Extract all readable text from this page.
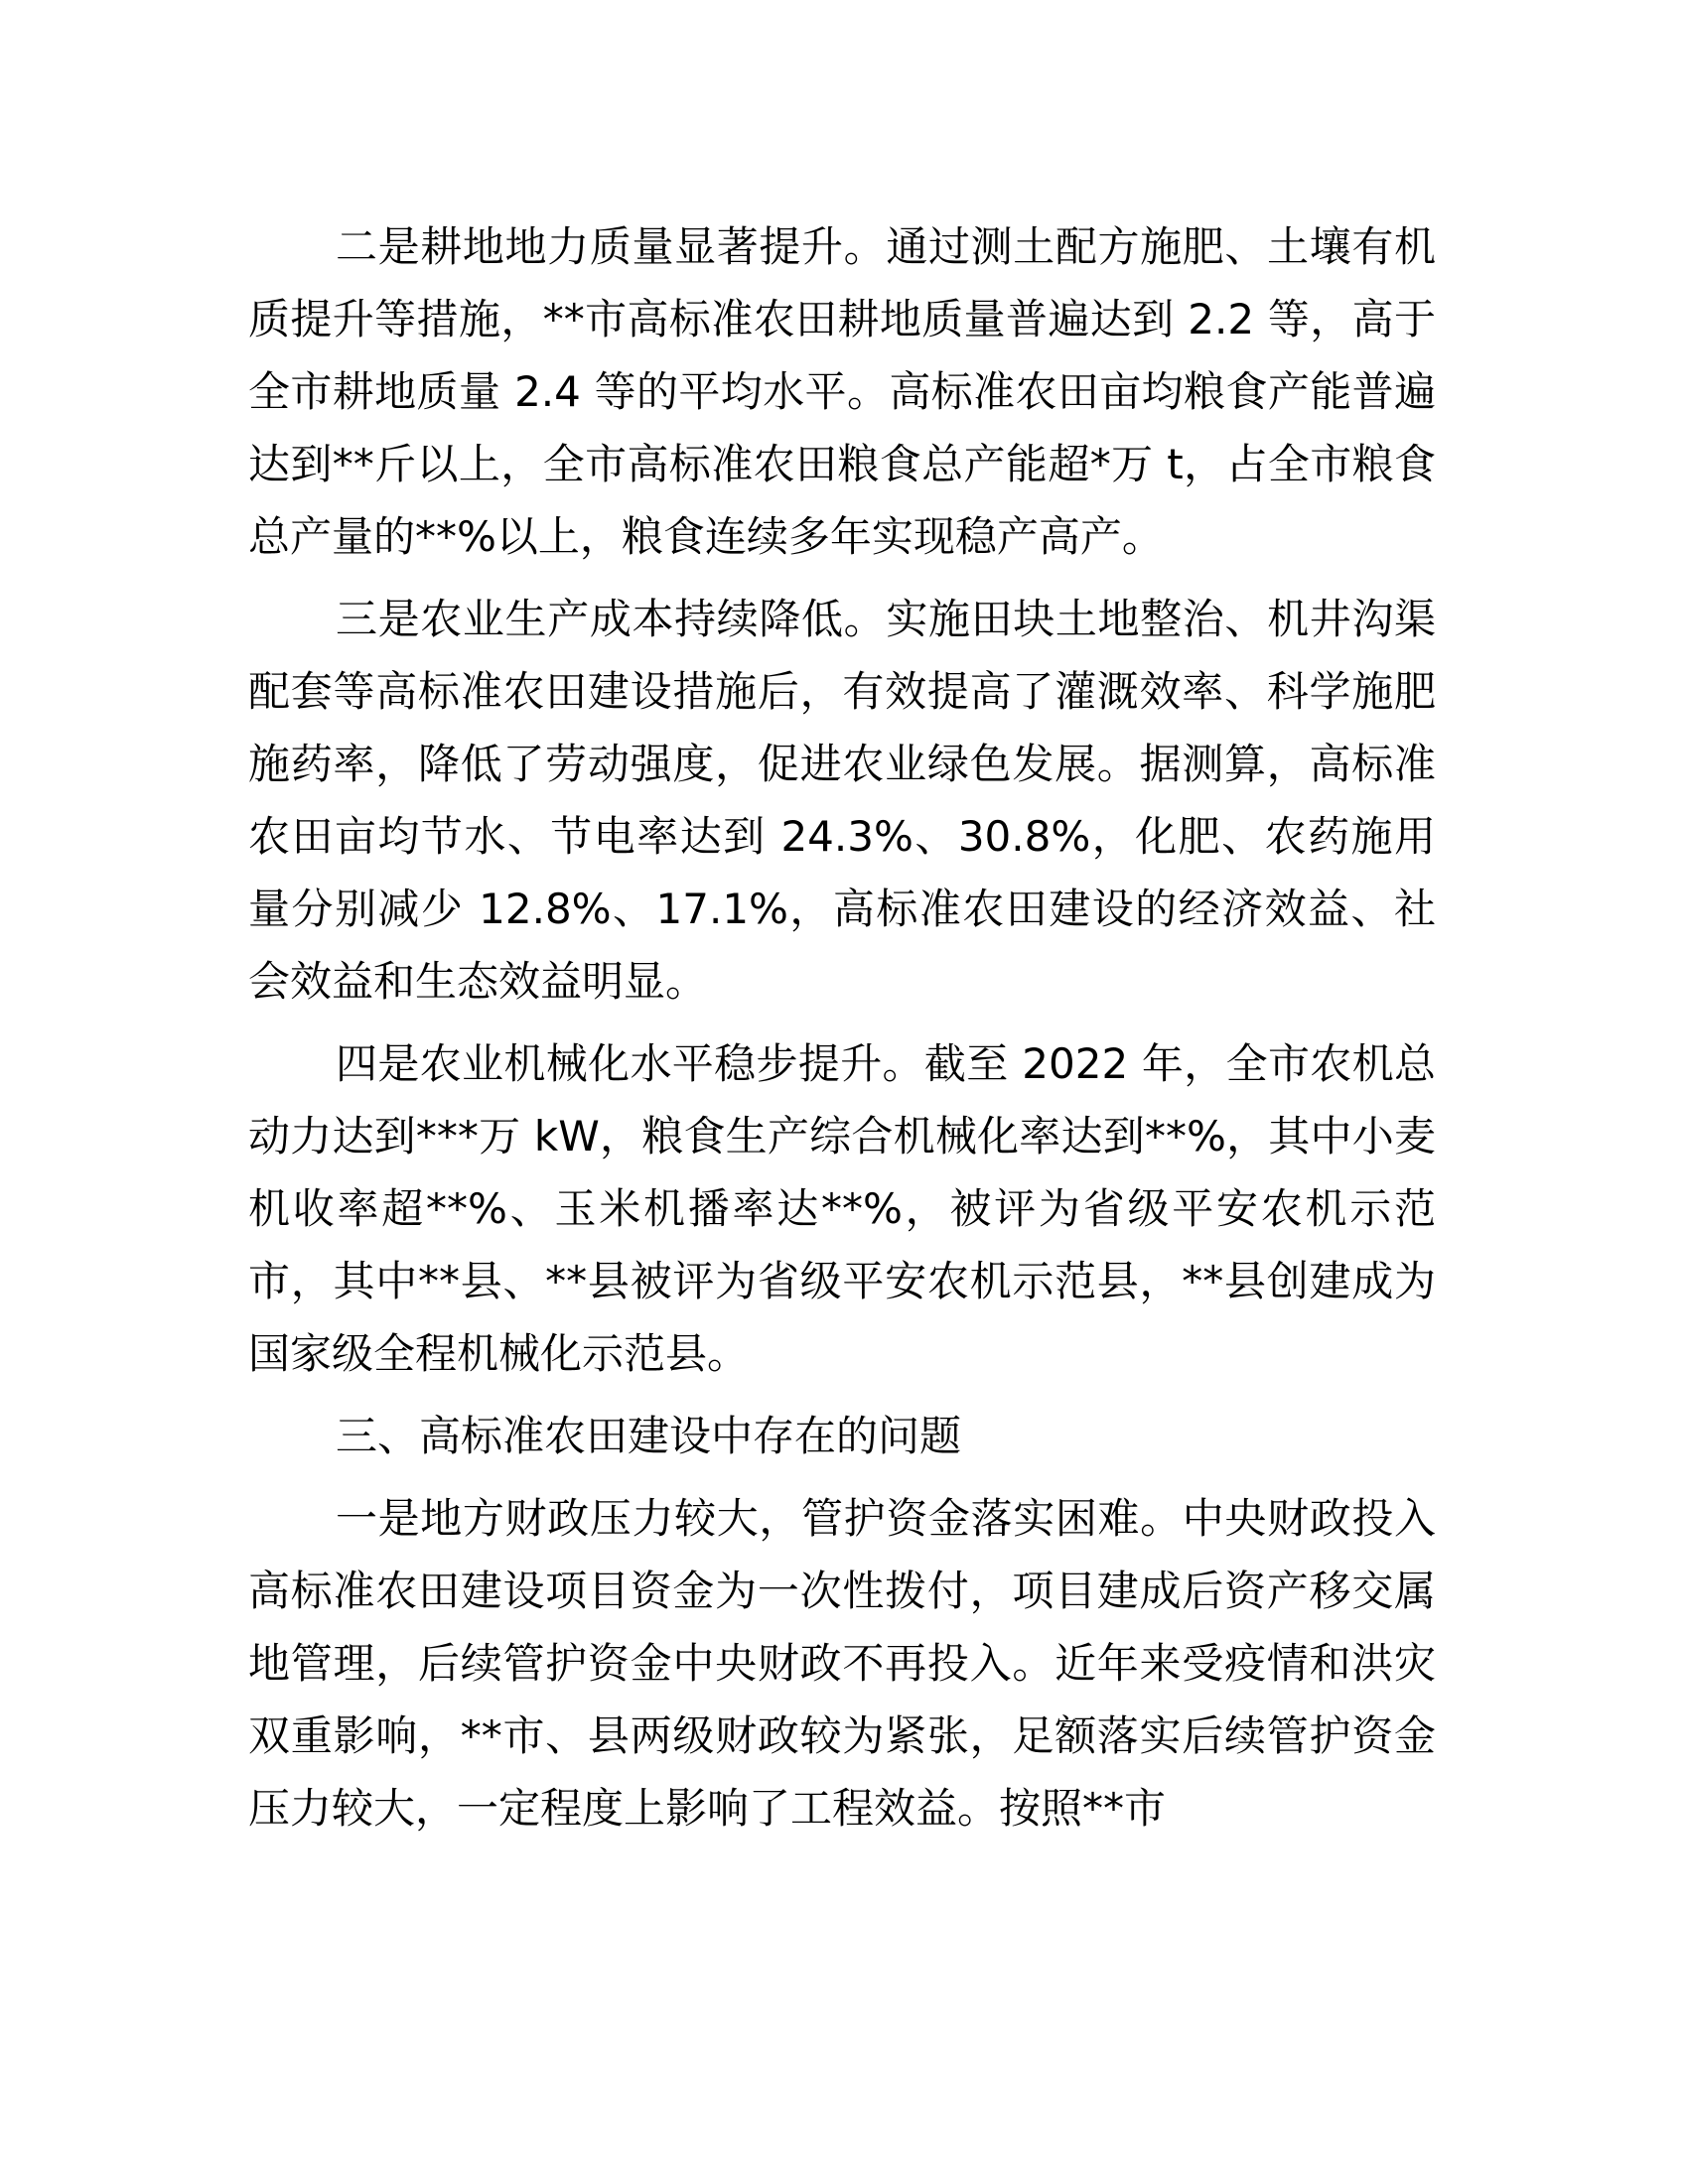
二是耕地地力质量显著提升。通过测土配方施肥、土壤有机质提升等措施，**市高标准农田耕地质量普遍达到 2.2 等，高于全市耕地质量 2.4 等的平均水平。高标准农田亩均粮食产能普遍达到**斤以上，全市高标准农田粮食总产能超*万 t，占全市粮食总产量的**%以上，粮食连续多年实现稳产高产。

三是农业生产成本持续降低。实施田块土地整治、机井沟渠配套等高标准农田建设措施后，有效提高了灌溉效率、科学施肥施药率，降低了劳动强度，促进农业绿色发展。据测算，高标准农田亩均节水、节电率达到 24.3%、30.8%，化肥、农药施用量分别减少 12.8%、17.1%，高标准农田建设的经济效益、社会效益和生态效益明显。

四是农业机械化水平稳步提升。截至 2022 年，全市农机总动力达到***万 kW，粮食生产综合机械化率达到**%，其中小麦机收率超**%、玉米机播率达**%，被评为省级平安农机示范市，其中**县、**县被评为省级平安农机示范县，**县创建成为国家级全程机械化示范县。

三、高标准农田建设中存在的问题

一是地方财政压力较大，管护资金落实困难。中央财政投入高标准农田建设项目资金为一次性拨付，项目建成后资产移交属地管理，后续管护资金中央财政不再投入。近年来受疫情和洪灾双重影响，**市、县两级财政较为紧张，足额落实后续管护资金压力较大，一定程度上影响了工程效益。按照**市
